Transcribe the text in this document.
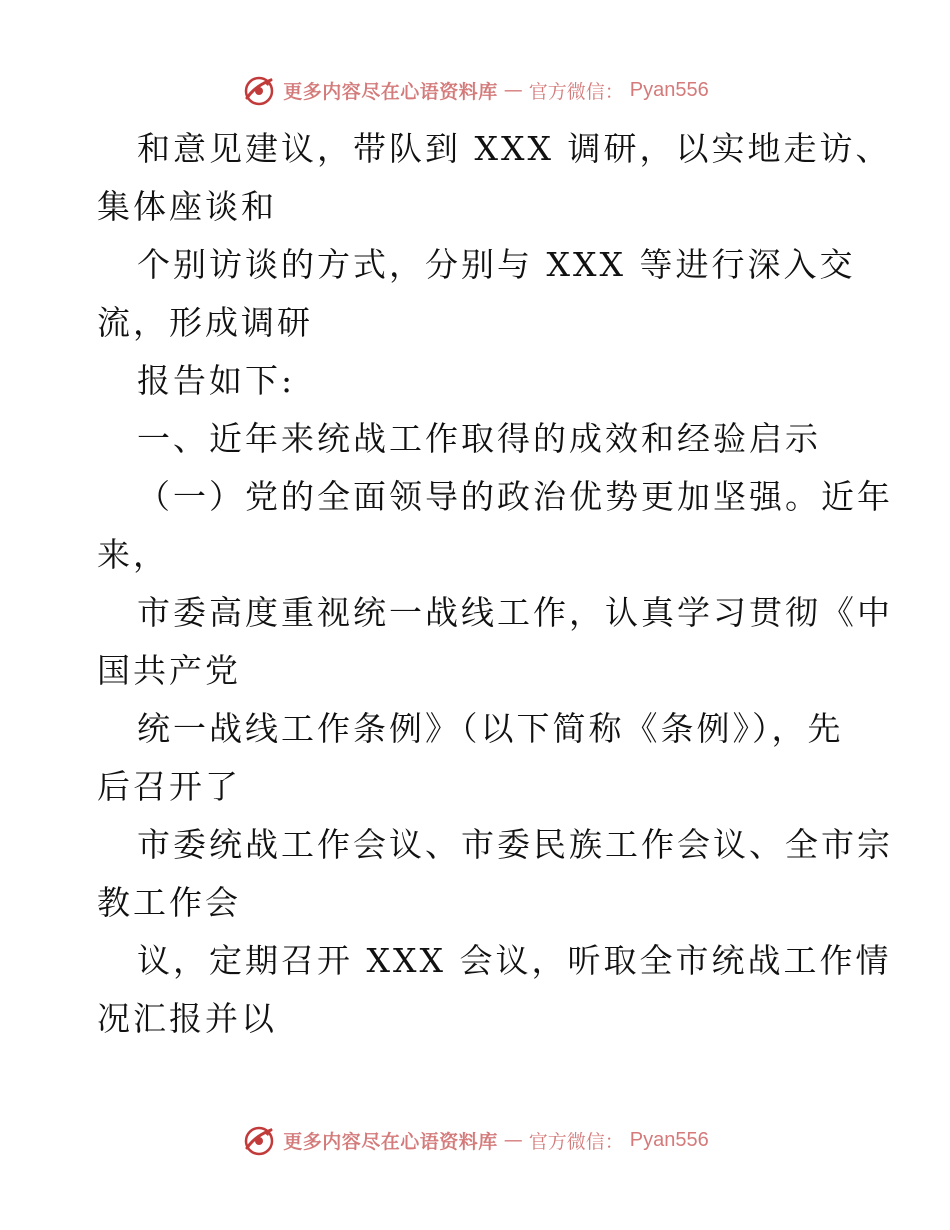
更多内容尽在心语资料库 — 官方微信： Pyan556
和意见建议，带队到 XXX 调研，以实地走访、
集体座谈和
个别访谈的方式，分别与 XXX 等进行深入交
流，形成调研
报告如下:
一、近年来统战工作取得的成效和经验启示
（一）党的全面领导的政治优势更加坚强。近年
来，
市委高度重视统一战线工作，认真学习贯彻《中
国共产党
统一战线工作条例》（以下简称《条例》），先
后召开了
市委统战工作会议、市委民族工作会议、全市宗
教工作会
议，定期召开 XXX 会议，听取全市统战工作情
况汇报并以
更多内容尽在心语资料库 — 官方微信： Pyan556
